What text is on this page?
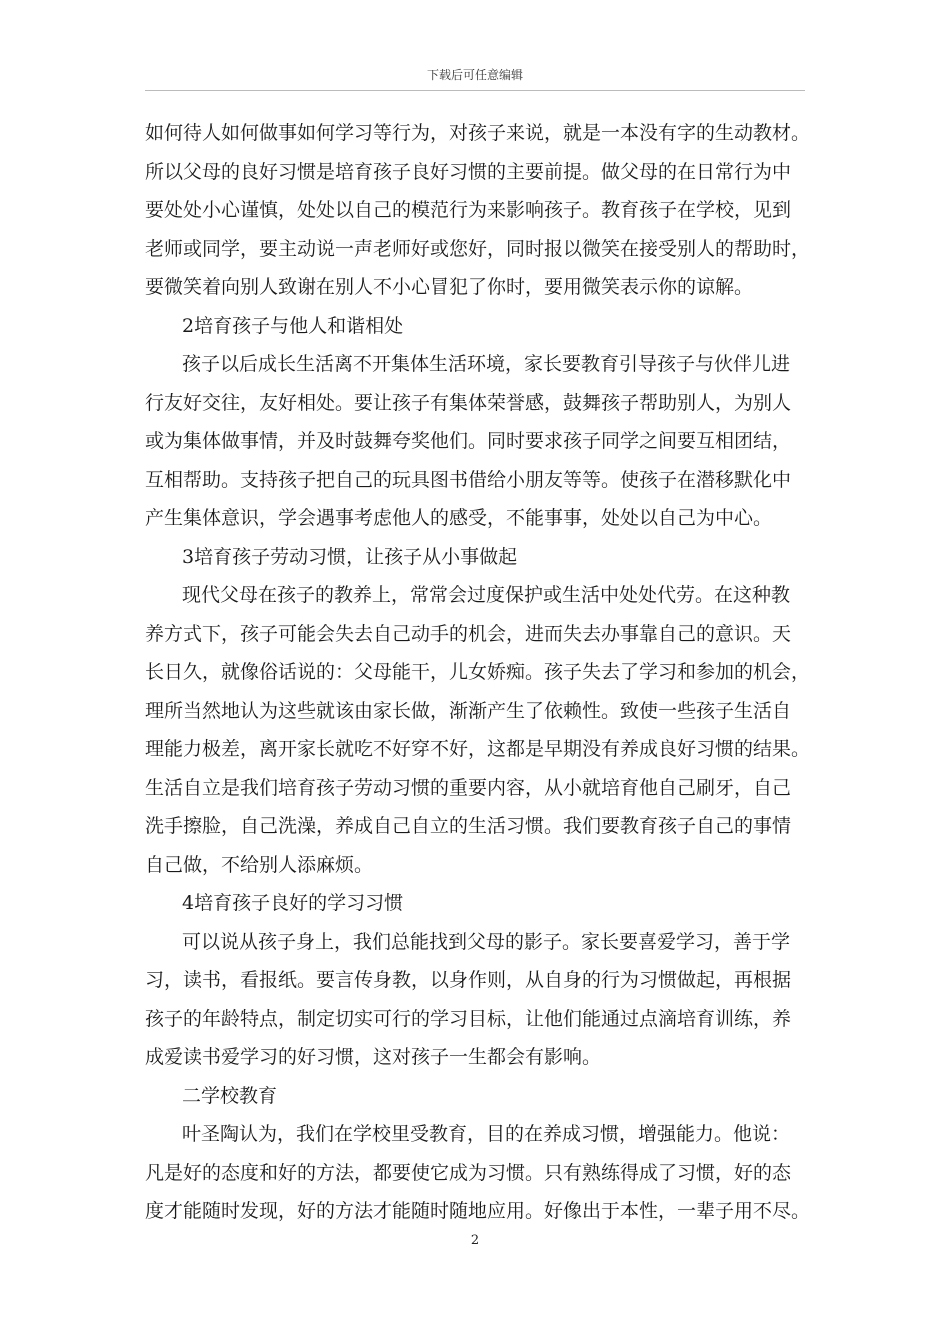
下载后可任意编辑
如何待人如何做事如何学习等行为，对孩子来说，就是一本没有字的生动教材。
所以父母的良好习惯是培育孩子良好习惯的主要前提。做父母的在日常行为中
要处处小心谨慎，处处以自己的模范行为来影响孩子。教育孩子在学校，见到
老师或同学，要主动说一声老师好或您好，同时报以微笑在接受别人的帮助时，
要微笑着向别人致谢在别人不小心冒犯了你时，要用微笑表示你的谅解。
2培育孩子与他人和谐相处
孩子以后成长生活离不开集体生活环境，家长要教育引导孩子与伙伴儿进
行友好交往，友好相处。要让孩子有集体荣誉感，鼓舞孩子帮助别人，为别人
或为集体做事情，并及时鼓舞夸奖他们。同时要求孩子同学之间要互相团结，
互相帮助。支持孩子把自己的玩具图书借给小朋友等等。使孩子在潜移默化中
产生集体意识，学会遇事考虑他人的感受，不能事事，处处以自己为中心。
3培育孩子劳动习惯，让孩子从小事做起
现代父母在孩子的教养上，常常会过度保护或生活中处处代劳。在这种教
养方式下，孩子可能会失去自己动手的机会，进而失去办事靠自己的意识。天
长日久，就像俗话说的：父母能干，儿女娇痴。孩子失去了学习和参加的机会，
理所当然地认为这些就该由家长做，渐渐产生了依赖性。致使一些孩子生活自
理能力极差，离开家长就吃不好穿不好，这都是早期没有养成良好习惯的结果。
生活自立是我们培育孩子劳动习惯的重要内容，从小就培育他自己刷牙，自己
洗手擦脸，自己洗澡，养成自己自立的生活习惯。我们要教育孩子自己的事情
自己做，不给别人添麻烦。
4培育孩子良好的学习习惯
可以说从孩子身上，我们总能找到父母的影子。家长要喜爱学习，善于学
习，读书，看报纸。要言传身教，以身作则，从自身的行为习惯做起，再根据
孩子的年龄特点，制定切实可行的学习目标，让他们能通过点滴培育训练，养
成爱读书爱学习的好习惯，这对孩子一生都会有影响。
二学校教育
叶圣陶认为，我们在学校里受教育，目的在养成习惯，增强能力。他说：
凡是好的态度和好的方法，都要使它成为习惯。只有熟练得成了习惯，好的态
度才能随时发现，好的方法才能随时随地应用。好像出于本性，一辈子用不尽。
2
